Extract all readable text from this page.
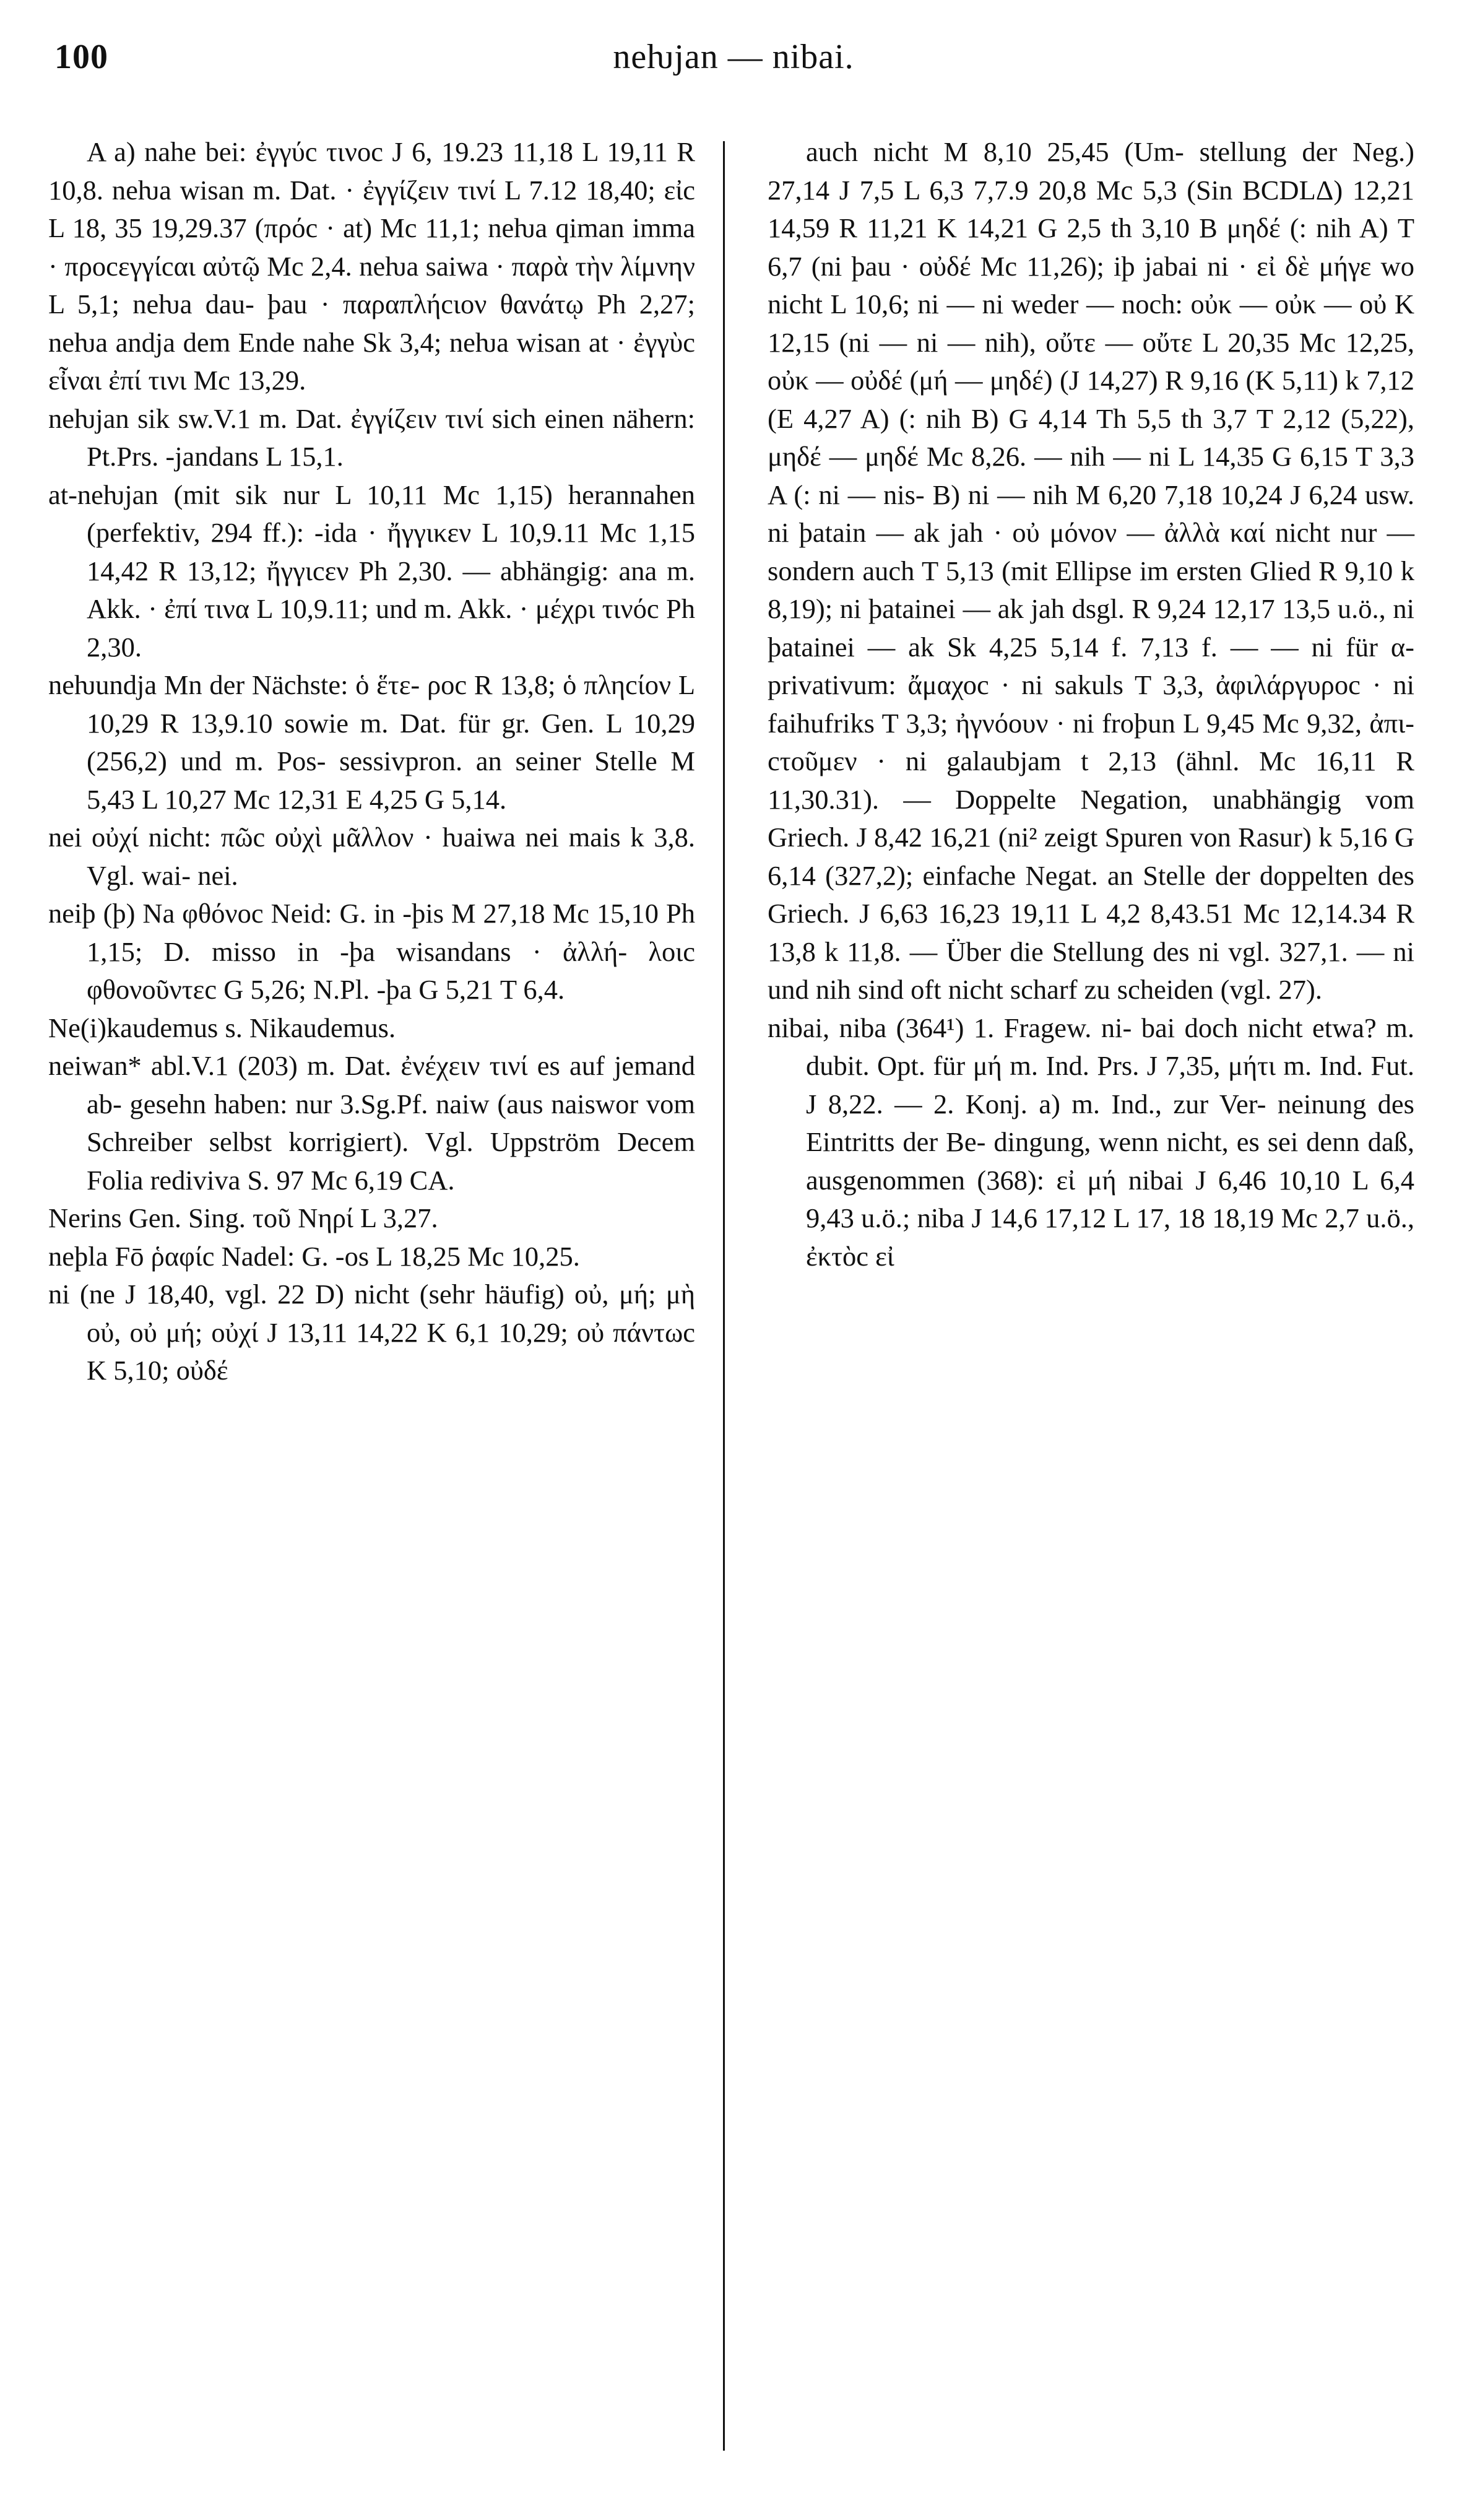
100	neƕjan — nibai.
A a) nahe bei: ἐγγύc τινοc J 6, 19.23 11,18 L 19,11 R 10,8. neƕa wisan m. Dat. · ἐγγίζειν τινί L 7.12 18,40; εἰc L 18, 35 19,29.37 (πρόc · at) Mc 11,1; neƕa qiman imma · προcεγγίcαι αὐτῷ Mc 2,4. neƕa saiwa · παρὰ τὴν λίμνην L 5,1; neƕa dau- þau · παραπλήcιον θανάτῳ Ph 2,27; neƕa andja dem Ende nahe Sk 3,4; neƕa wisan at · ἐγγὺc εἶναι ἐπί τινι Mc 13,29.
neƕjan sik sw.V.1 m. Dat. ἐγγίζειν τινί sich einen nähern: Pt.Prs. -jandans L 15,1.
at-neƕjan (mit sik nur L 10,11 Mc 1,15) herannahen (perfektiv, 294 ff.): -ida · ἤγγικεν L 10,9.11 Mc 1,15 14,42 R 13,12; ἤγγιcεν Ph 2,30. — abhängig: ana m. Akk. · ἐπί τινα L 10,9.11; und m. Akk. · μέχρι τινόc Ph 2,30.
neƕundja Mn der Nächste: ὁ ἕτε- ροc R 13,8; ὁ πληcίον L 10,29 R 13,9.10 sowie m. Dat. für gr. Gen. L 10,29 (256,2) und m. Pos- sessivpron. an seiner Stelle M 5,43 L 10,27 Mc 12,31 E 4,25 G 5,14.
nei οὐχί nicht: πῶc οὐχὶ μᾶλλον · ƕaiwa nei mais k 3,8. Vgl. wai- nei.
neiþ (þ) Na φθόνοc Neid: G. in -þis M 27,18 Mc 15,10 Ph 1,15; D. misso in -þa wisandans · ἀλλή- λοιc φθονοῦντεc G 5,26; N.Pl. -þa G 5,21 T 6,4.
Ne(i)kaudemus s. Nikaudemus.
neiwan* abl.V.1 (203) m. Dat. ἐνέχειν τινί es auf jemand ab- gesehn haben: nur 3.Sg.Pf. naiw (aus naiswor vom Schreiber selbst korrigiert). Vgl. Uppström Decem Folia rediviva S. 97 Mc 6,19 CA.
Nerins Gen. Sing. τοῦ Νηρί L 3,27.
neþla Fō ῥαφίc Nadel: G. -os L 18,25 Mc 10,25.
ni (ne J 18,40, vgl. 22 D) nicht (sehr häufig) οὐ, μή; μὴ οὐ, οὐ μή; οὐχί J 13,11 14,22 K 6,1 10,29; οὐ πάντωc K 5,10; οὐδέ
auch nicht M 8,10 25,45 (Um- stellung der Neg.) 27,14 J 7,5 L 6,3 7,7.9 20,8 Mc 5,3 (Sin BCDLΔ) 12,21 14,59 R 11,21 K 14,21 G 2,5 th 3,10 B μηδέ (: nih A) T 6,7 (ni þau · οὐδέ Mc 11,26); iþ jabai ni · εἰ δὲ μήγε wo nicht L 10,6; ni — ni weder — noch: οὐκ — οὐκ — οὐ K 12,15 (ni — ni — nih), οὔτε — οὔτε L 20,35 Mc 12,25, οὐκ — οὐδέ (μή — μηδέ) (J 14,27) R 9,16 (K 5,11) k 7,12 (E 4,27 A) (: nih B) G 4,14 Th 5,5 th 3,7 T 2,12 (5,22), μηδέ — μηδέ Mc 8,26. — nih — ni L 14,35 G 6,15 T 3,3 A (: ni — nis- B) ni — nih M 6,20 7,18 10,24 J 6,24 usw. ni þatain — ak jah · οὐ μόνον — ἀλλὰ καί nicht nur — sondern auch T 5,13 (mit Ellipse im ersten Glied R 9,10 k 8,19); ni þatainei — ak jah dsgl. R 9,24 12,17 13,5 u.ö., ni þatainei — ak Sk 4,25 5,14 f. 7,13 f. — — ni für α-privativum: ἄμαχοc · ni sakuls T 3,3, ἀφιλάργυροc · ni faihufriks T 3,3; ἠγνόουν · ni froþun L 9,45 Mc 9,32, ἀπι- cτοῦμεν · ni galaubjam t 2,13 (ähnl. Mc 16,11 R 11,30.31). — Doppelte Negation, unabhängig vom Griech. J 8,42 16,21 (ni² zeigt Spuren von Rasur) k 5,16 G 6,14 (327,2); einfache Negat. an Stelle der doppelten des Griech. J 6,63 16,23 19,11 L 4,2 8,43.51 Mc 12,14.34 R 13,8 k 11,8. — Über die Stellung des ni vgl. 327,1. — ni und nih sind oft nicht scharf zu scheiden (vgl. 27).
nibai, niba (364¹) 1. Fragew. ni- bai doch nicht etwa? m. dubit. Opt. für μή m. Ind. Prs. J 7,35, μήτι m. Ind. Fut. J 8,22. — 2. Konj. a) m. Ind., zur Ver- neinung des Eintritts der Be- dingung, wenn nicht, es sei denn daß, ausgenommen (368): εἰ μή nibai J 6,46 10,10 L 6,4 9,43 u.ö.; niba J 14,6 17,12 L 17, 18 18,19 Mc 2,7 u.ö., ἐκτὸc εἰ
